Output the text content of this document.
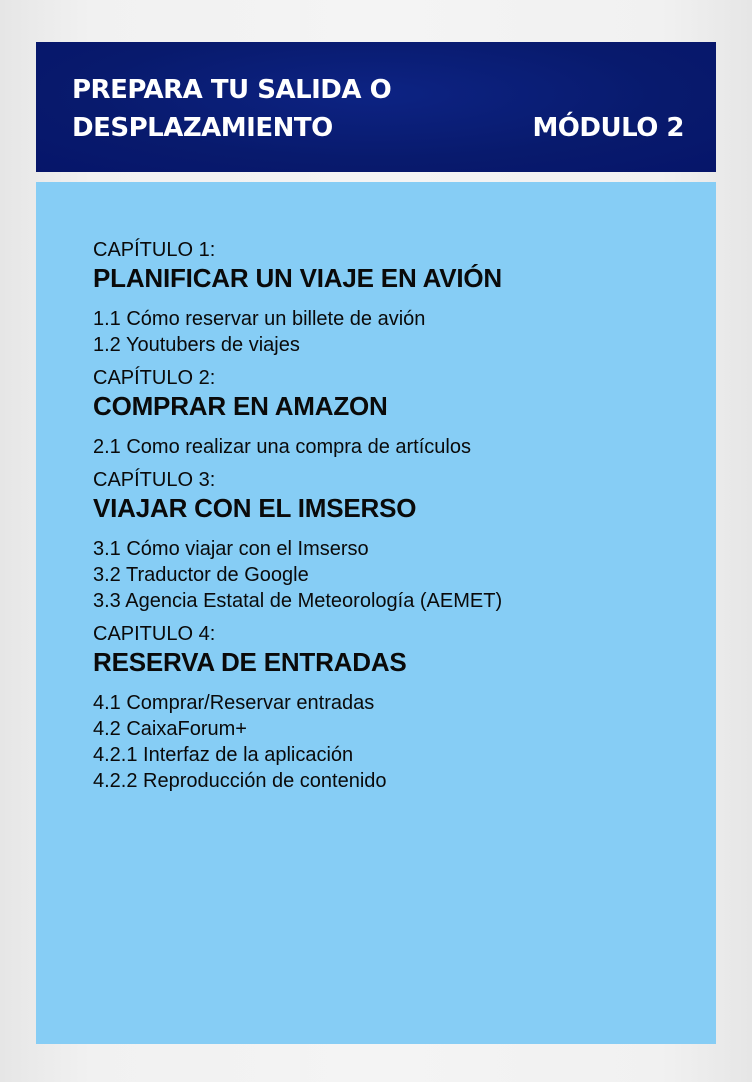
PREPARA TU SALIDA O
DESPLAZAMIENTO	MÓDULO 2
CAPÍTULO 1:
PLANIFICAR UN VIAJE EN AVIÓN
1.1 Cómo reservar un billete de avión
1.2 Youtubers de viajes
CAPÍTULO 2:
COMPRAR EN AMAZON
2.1 Como realizar una compra de artículos
CAPÍTULO 3:
VIAJAR CON EL IMSERSO
3.1 Cómo viajar con el Imserso
3.2 Traductor de Google
3.3 Agencia Estatal de Meteorología (AEMET)
CAPITULO 4:
RESERVA DE ENTRADAS
4.1 Comprar/Reservar entradas
4.2 CaixaForum+
4.2.1 Interfaz de la aplicación
4.2.2 Reproducción de contenido
